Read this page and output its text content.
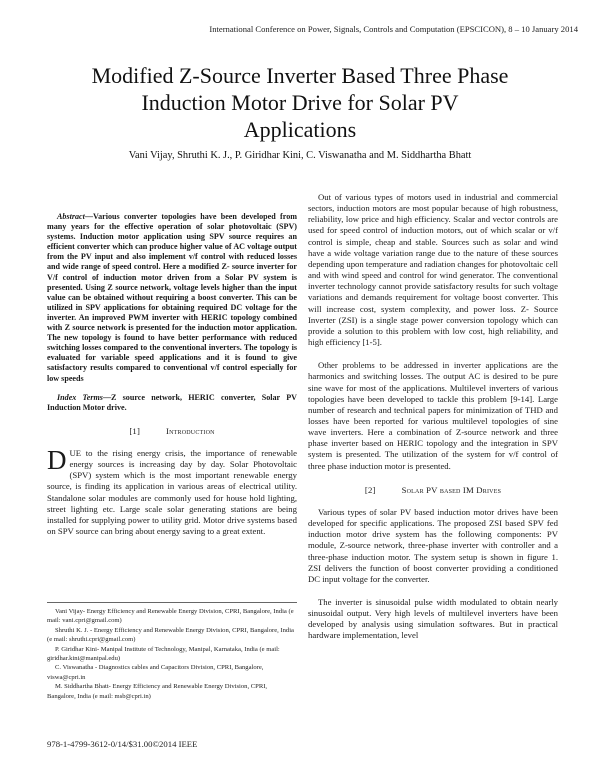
International Conference on Power, Signals, Controls and Computation (EPSCICON), 8 – 10 January 2014
Modified Z-Source Inverter Based Three Phase
Induction Motor Drive for Solar PV
Applications
Vani Vijay, Shruthi K. J., P. Giridhar Kini, C. Viswanatha and M. Siddhartha Bhatt

Abstract—Various converter topologies have been developed from many years for the effective operation of solar photovoltaic (SPV) systems. Induction motor application using SPV source requires an efficient converter which can produce higher value of AC voltage output from the PV input and also implement v/f control with reduced losses and wide range of speed control. Here a modified Z- source inverter for V/f control of induction motor driven from a Solar PV system is presented. Using Z source network, voltage levels higher than the input value can be obtained without requiring a boost converter. This can be utilized in SPV applications for obtaining required DC voltage for the inverter. An improved PWM inverter with HERIC topology combined with Z source network is presented for the induction motor application. The new topology is found to have better performance with reduced switching losses compared to the conventional inverters. The topology is evaluated for variable speed applications and it is found to give satisfactory results compared to conventional v/f control especially for low speeds

Index Terms—Z source network, HERIC converter, Solar PV Induction Motor drive.

[1]	Introduction

DUE to the rising energy crisis, the importance of renewable energy sources is increasing day by day. Solar Photovoltaic (SPV) system which is the most important renewable energy source, is finding its application in various areas of electrical utility. Standalone solar modules are commonly used for house hold lighting, street lighting etc. Large scale solar generating stations are being installed for supplying power to utility grid. Motor drive systems based on SPV source can bring about energy saving to a great extent.

Vani Vijay- Energy Efficiency and Renewable Energy Division, CPRI, Bangalore, India (e mail: vani.cpri@gmail.com)
Shruthi K. J. - Energy Efficiency and Renewable Energy Division, CPRI, Bangalore, India (e mail: shruthi.cpri@gmail.com)
P. Giridhar Kini- Manipal Institute of Technology, Manipal, Karnataka, India (e mail: giridhar.kini@manipal.edu)
C. Viswanatha - Diagnostics cables and Capacitors Division, CPRI, Bangalore, viswa@cpri.in
M. Siddhartha Bhatt- Energy Efficiency and Renewable Energy Division, CPRI, Bangalore, India (e mail: msb@cpri.in)
978-1-4799-3612-0/14/$31.00©2014 IEEE

Out of various types of motors used in industrial and commercial sectors, induction motors are most popular because of high robustness, reliability, low price and high efficiency. Scalar and vector controls are used for speed control of induction motors, out of which scalar or v/f control is simple, cheap and stable. Sources such as solar and wind have a wide voltage variation range due to the nature of these sources depending upon temperature and radiation changes for photovoltaic cell and with wind speed and control for wind generator. The conventional inverter technology cannot provide satisfactory results for such voltage variations and demands requirement for voltage boost converter. This will increase cost, system complexity, and power loss. Z- Source Inverter (ZSI) is a single stage power conversion topology which can provide a solution to this problem with low cost, high reliability, and high efficiency [1-5].

Other problems to be addressed in inverter applications are the harmonics and switching losses. The output AC is desired to be pure sine wave for most of the applications. Multilevel inverters of various topologies have been developed to tackle this problem [9-14]. Large number of research and technical papers for minimization of THD and losses have been reported for various multilevel topologies of sine wave inverters. Here a combination of Z-source network and three phase inverter based on HERIC topology and the integration in SPV system is presented. The utilization of the system for v/f control of three phase induction motor is presented.

[2]	Solar PV based IM Drives

Various types of solar PV based induction motor drives have been developed for specific applications. The proposed ZSI based SPV fed induction motor drive system has the following components: PV module, Z-source network, three-phase inverter with controller and a three-phase induction motor. The system setup is shown in figure 1. ZSI delivers the function of boost converter providing a conditioned DC input voltage for the converter.

The inverter is sinusoidal pulse width modulated to obtain nearly sinusoidal output. Very high levels of multilevel inverters have been developed by analysis using simulation softwares. But in practical hardware implementation, level
